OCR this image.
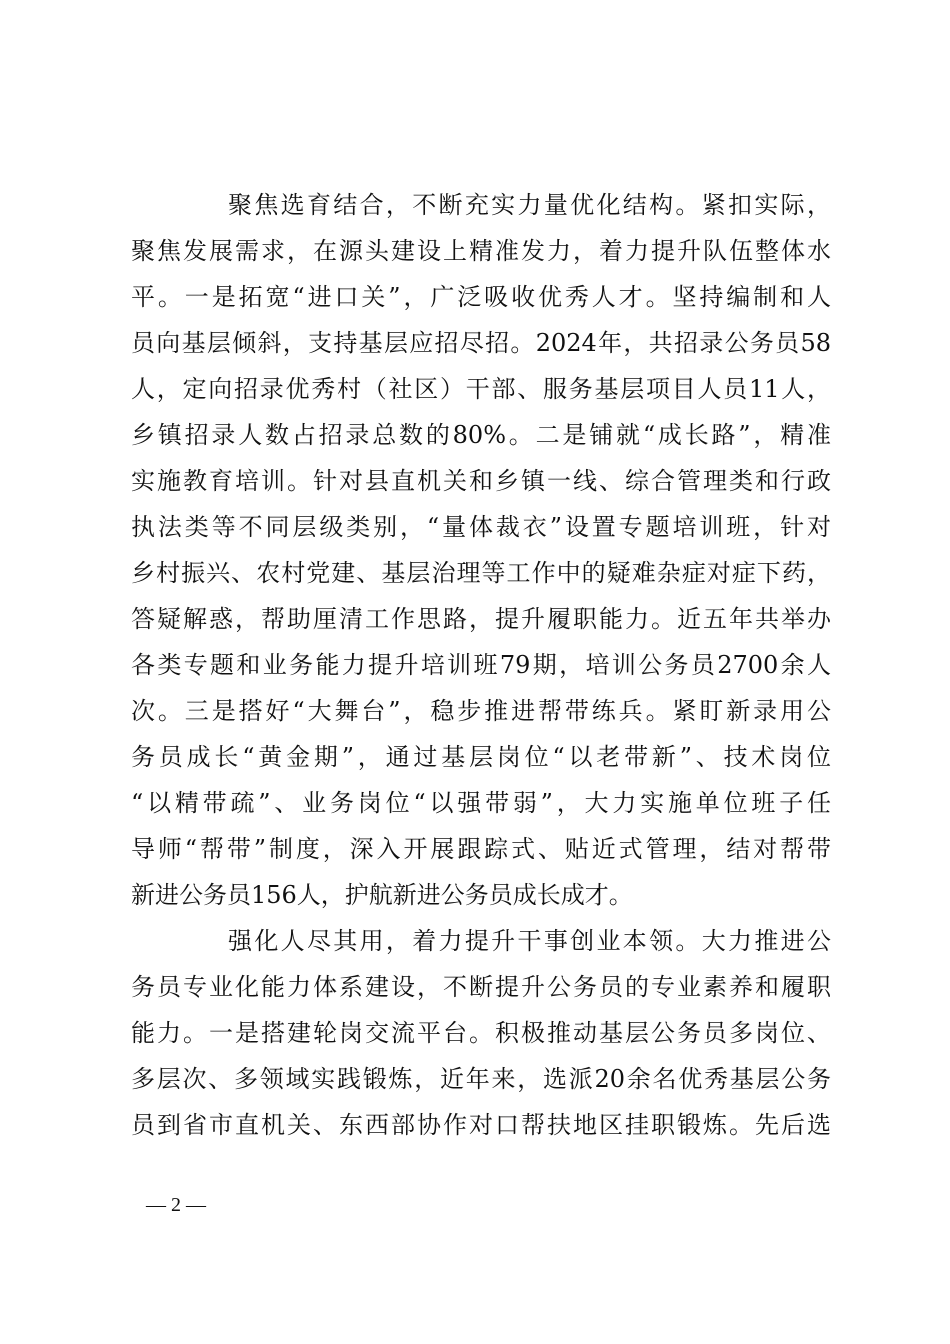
聚焦选育结合，不断充实力量优化结构。紧扣实际，
聚焦发展需求，在源头建设上精准发力，着力提升队伍整体水
平。一是拓宽“进口关”，广泛吸收优秀人才。坚持编制和人
员向基层倾斜，支持基层应招尽招。2024年，共招录公务员58
人，定向招录优秀村（社区）干部、服务基层项目人员11人，
乡镇招录人数占招录总数的80%。二是铺就“成长路”，精准
实施教育培训。针对县直机关和乡镇一线、综合管理类和行政
执法类等不同层级类别，“量体裁衣”设置专题培训班，针对
乡村振兴、农村党建、基层治理等工作中的疑难杂症对症下药，
答疑解惑，帮助厘清工作思路，提升履职能力。近五年共举办
各类专题和业务能力提升培训班79期，培训公务员2700余人
次。三是搭好“大舞台”，稳步推进帮带练兵。紧盯新录用公
务员成长“黄金期”，通过基层岗位“以老带新”、技术岗位
“以精带疏”、业务岗位“以强带弱”，大力实施单位班子任
导师“帮带”制度，深入开展跟踪式、贴近式管理，结对帮带
新进公务员156人，护航新进公务员成长成才。
强化人尽其用，着力提升干事创业本领。大力推进公
务员专业化能力体系建设，不断提升公务员的专业素养和履职
能力。一是搭建轮岗交流平台。积极推动基层公务员多岗位、
多层次、多领域实践锻炼，近年来，选派20余名优秀基层公务
员到省市直机关、东西部协作对口帮扶地区挂职锻炼。先后选
— 2 —
